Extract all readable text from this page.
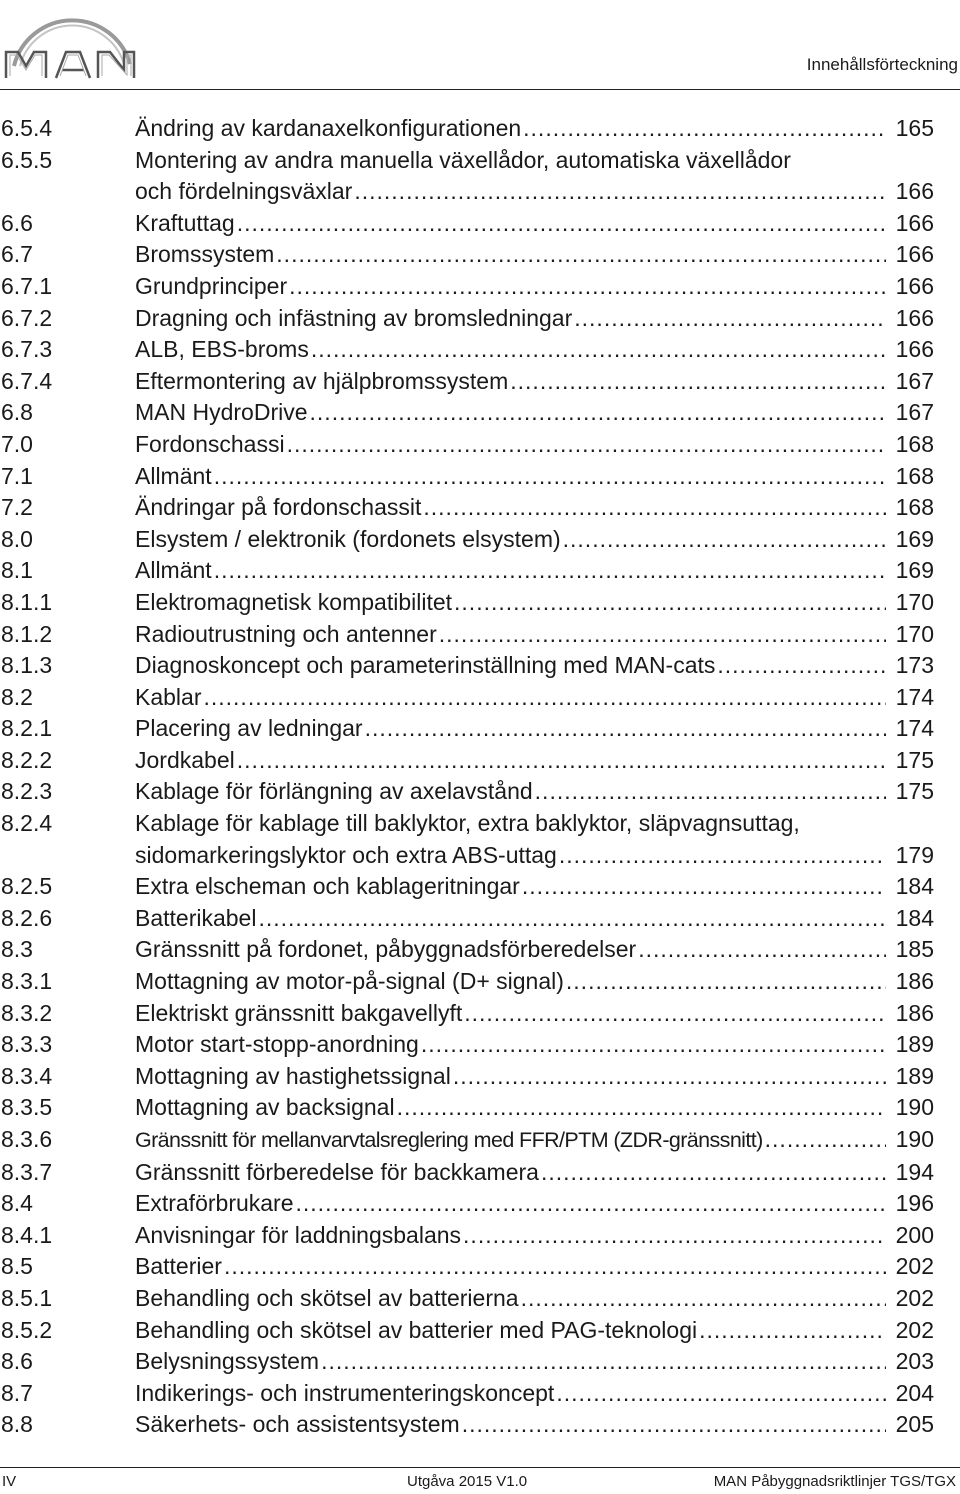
Innehållsförteckning
6.5.4	Ändring av kardanaxelkonfigurationen .....	165
6.5.5	Montering av andra manuella växellådor, automatiska växellådor
och fördelningsväxlar .....	166
6.6	Kraftuttag .....	166
6.7	Bromssystem .....	166
6.7.1	Grundprinciper .....	166
6.7.2	Dragning och infästning av bromsledningar .....	166
6.7.3	ALB, EBS-broms .....	166
6.7.4	Eftermontering av hjälpbromssystem .....	167
6.8	MAN HydroDrive .....	167
7.0	Fordonschassi .....	168
7.1	Allmänt .....	168
7.2	Ändringar på fordonschassit .....	168
8.0	Elsystem / elektronik (fordonets elsystem) .....	169
8.1	Allmänt .....	169
8.1.1	Elektromagnetisk kompatibilitet .....	170
8.1.2	Radioutrustning och antenner .....	170
8.1.3	Diagnoskoncept och parameterinställning med MAN-cats .....	173
8.2	Kablar .....	174
8.2.1	Placering av ledningar .....	174
8.2.2	Jordkabel .....	175
8.2.3	Kablage för förlängning av axelavstånd .....	175
8.2.4	Kablage för kablage till baklyktor, extra baklyktor, släpvagnsuttag,
sidomarkeringslyktor och extra ABS-uttag .....	179
8.2.5	Extra elscheman och kablageritningar .....	184
8.2.6	Batterikabel .....	184
8.3	Gränssnitt på fordonet, påbyggnadsförberedelser .....	185
8.3.1	Mottagning av motor-på-signal (D+ signal) .....	186
8.3.2	Elektriskt gränssnitt bakgavellyft .....	186
8.3.3	Motor start-stopp-anordning .....	189
8.3.4	Mottagning av hastighetssignal .....	189
8.3.5	Mottagning av backsignal .....	190
8.3.6	Gränssnitt för mellanvarvtalsreglering med FFR/PTM (ZDR-gränssnitt) .....	190
8.3.7	Gränssnitt förberedelse för backkamera .....	194
8.4	Extraförbrukare .....	196
8.4.1	Anvisningar för laddningsbalans .....	200
8.5	Batterier .....	202
8.5.1	Behandling och skötsel av batterierna .....	202
8.5.2	Behandling och skötsel av batterier med PAG-teknologi .....	202
8.6	Belysningssystem .....	203
8.7	Indikerings- och instrumenteringskoncept .....	204
8.8	Säkerhets- och assistentsystem .....	205
IV	Utgåva 2015 V1.0	MAN Påbyggnadsriktlinjer TGS/TGX
